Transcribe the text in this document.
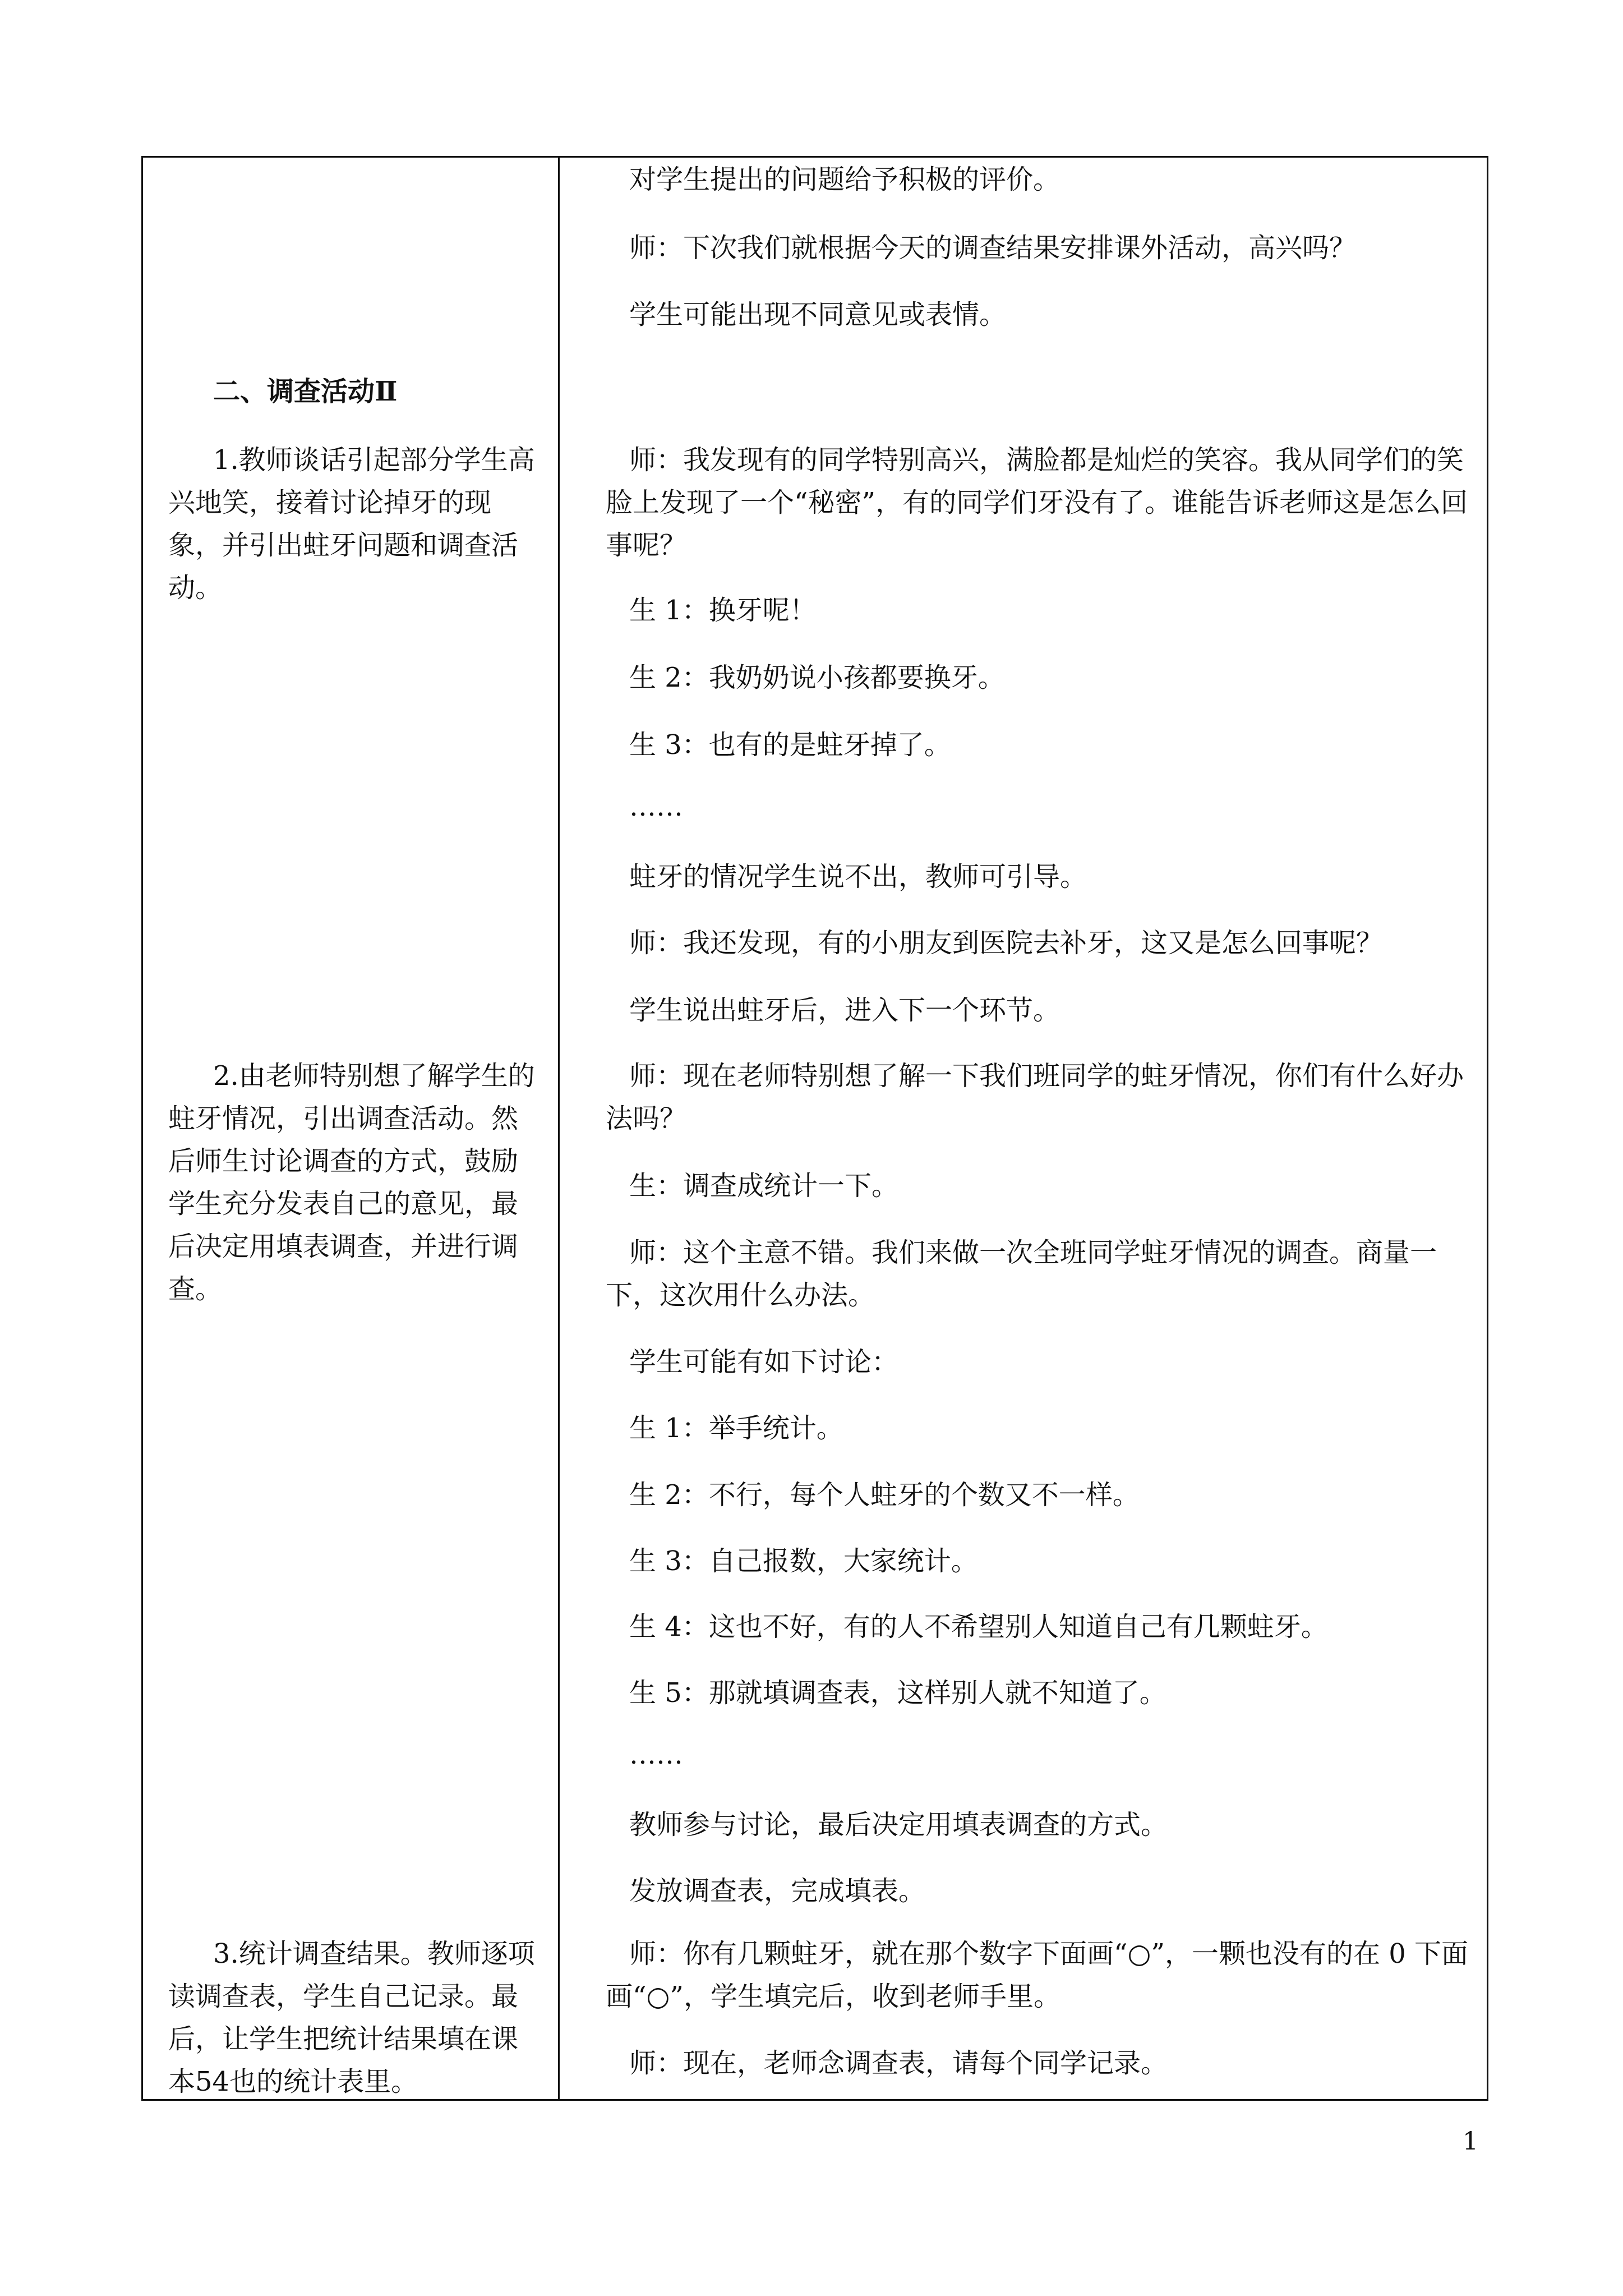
二、调查活动Ⅱ

1.教师谈话引起部分学生高兴地笑，接着讨论掉牙的现象，并引出蛀牙问题和调查活动。

2.由老师特别想了解学生的蛀牙情况，引出调查活动。然后师生讨论调查的方式，鼓励学生充分发表自己的意见，最后决定用填表调查，并进行调查。

3.统计调查结果。教师逐项读调查表，学生自己记录。最后，让学生把统计结果填在课本54也的统计表里。

对学生提出的问题给予积极的评价。

师：下次我们就根据今天的调查结果安排课外活动，高兴吗？

学生可能出现不同意见或表情。

师：我发现有的同学特别高兴，满脸都是灿烂的笑容。我从同学们的笑脸上发现了一个“秘密”，有的同学们牙没有了。谁能告诉老师这是怎么回事呢？

生 1：换牙呢！

生 2：我奶奶说小孩都要换牙。

生 3：也有的是蛀牙掉了。

……

蛀牙的情况学生说不出，教师可引导。

师：我还发现，有的小朋友到医院去补牙，这又是怎么回事呢？

学生说出蛀牙后，进入下一个环节。

师：现在老师特别想了解一下我们班同学的蛀牙情况，你们有什么好办法吗？

生：调查成统计一下。

师：这个主意不错。我们来做一次全班同学蛀牙情况的调查。商量一下，这次用什么办法。

学生可能有如下讨论：

生 1：举手统计。

生 2：不行，每个人蛀牙的个数又不一样。

生 3：自己报数，大家统计。

生 4：这也不好，有的人不希望别人知道自己有几颗蛀牙。

生 5：那就填调查表，这样别人就不知道了。

……

教师参与讨论，最后决定用填表调查的方式。

发放调查表，完成填表。

师：你有几颗蛀牙，就在那个数字下面画“○”，一颗也没有的在 0 下面画“○”，学生填完后，收到老师手里。

师：现在，老师念调查表，请每个同学记录。

1
